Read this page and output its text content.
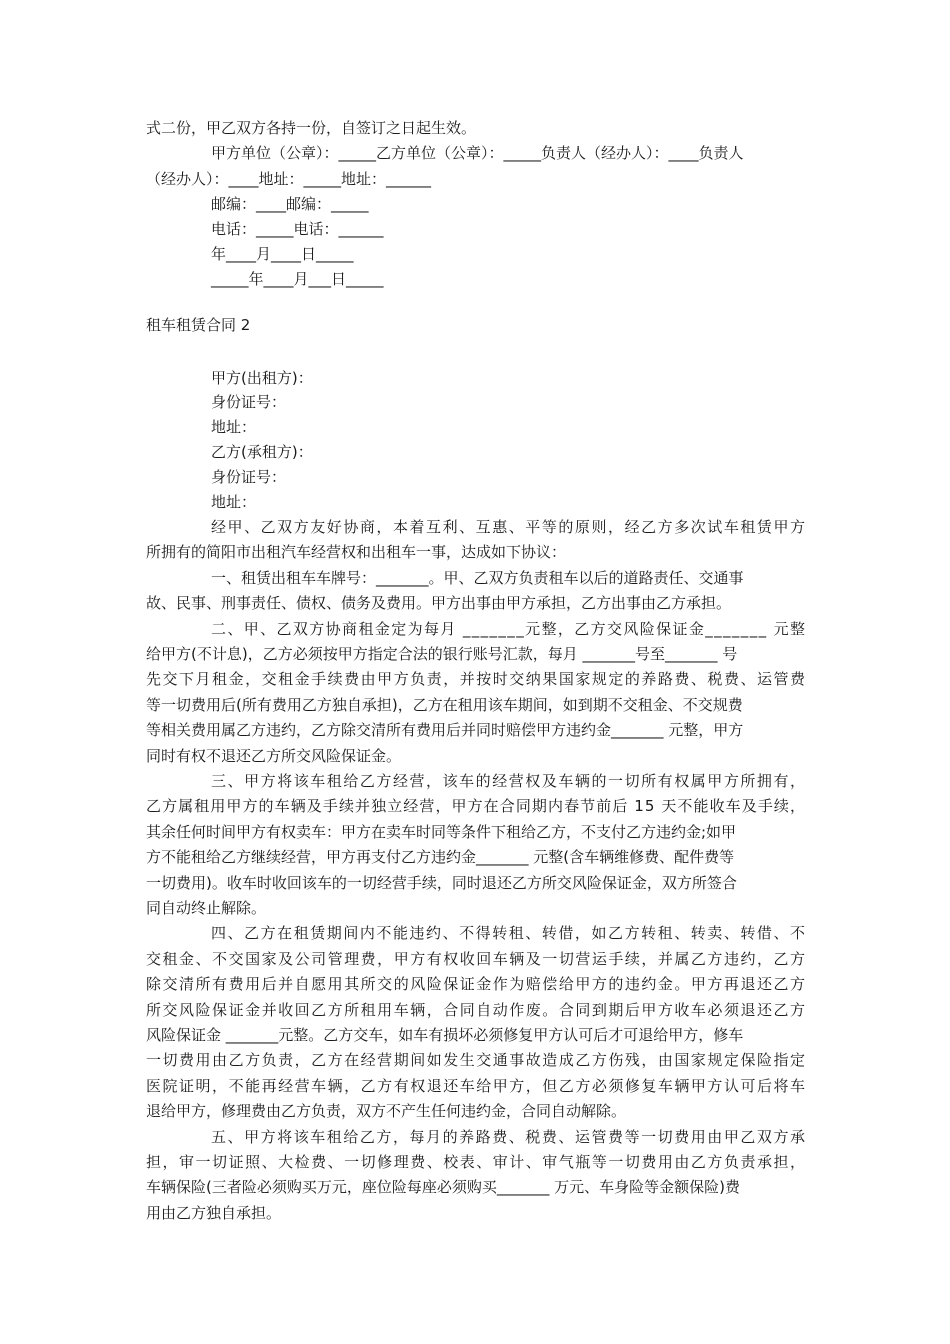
式二份，甲乙双方各持一份，自签订之日起生效。
甲方单位（公章）：_____乙方单位（公章）：_____负责人（经办人）：____负责人
（经办人）：____地址：_____地址：______
邮编：____邮编：_____
电话：_____电话：______
年____月____日_____
_____年____月___日_____
租车租赁合同 2
甲方(出租方)：
身份证号：
地址：
乙方(承租方)：
身份证号：
地址：
经甲、乙双方友好协商，本着互利、互惠、平等的原则，经乙方多次试车租赁甲方
所拥有的简阳市出租汽车经营权和出租车一事，达成如下协议：
一、租赁出租车车牌号：_______。甲、乙双方负责租车以后的道路责任、交通事
故、民事、刑事责任、债权、债务及费用。甲方出事由甲方承担，乙方出事由乙方承担。
二、甲、乙双方协商租金定为每月 _______元整，乙方交风险保证金_______ 元整
给甲方(不计息)，乙方必须按甲方指定合法的银行账号汇款，每月 _______号至_______ 号
先交下月租金，交租金手续费由甲方负责，并按时交纳果国家规定的养路费、税费、运管费
等一切费用后(所有费用乙方独自承担)，乙方在租用该车期间，如到期不交租金、不交规费
等相关费用属乙方违约，乙方除交清所有费用后并同时赔偿甲方违约金_______ 元整，甲方
同时有权不退还乙方所交风险保证金。
三、甲方将该车租给乙方经营，该车的经营权及车辆的一切所有权属甲方所拥有，
乙方属租用甲方的车辆及手续并独立经营，甲方在合同期内春节前后 15 天不能收车及手续，
其余任何时间甲方有权卖车：甲方在卖车时同等条件下租给乙方，不支付乙方违约金;如甲
方不能租给乙方继续经营，甲方再支付乙方违约金_______ 元整(含车辆维修费、配件费等
一切费用)。收车时收回该车的一切经营手续，同时退还乙方所交风险保证金，双方所签合
同自动终止解除。
四、乙方在租赁期间内不能违约、不得转租、转借，如乙方转租、转卖、转借、不
交租金、不交国家及公司管理费，甲方有权收回车辆及一切营运手续，并属乙方违约，乙方
除交清所有费用后并自愿用其所交的风险保证金作为赔偿给甲方的违约金。甲方再退还乙方
所交风险保证金并收回乙方所租用车辆，合同自动作废。合同到期后甲方收车必须退还乙方
风险保证金 _______元整。乙方交车，如车有损坏必须修复甲方认可后才可退给甲方，修车
一切费用由乙方负责，乙方在经营期间如发生交通事故造成乙方伤残，由国家规定保险指定
医院证明，不能再经营车辆，乙方有权退还车给甲方，但乙方必须修复车辆甲方认可后将车
退给甲方，修理费由乙方负责，双方不产生任何违约金，合同自动解除。
五、甲方将该车租给乙方，每月的养路费、税费、运管费等一切费用由甲乙双方承
担，审一切证照、大检费、一切修理费、校表、审计、审气瓶等一切费用由乙方负责承担，
车辆保险(三者险必须购买万元，座位险每座必须购买_______ 万元、车身险等金额保险)费
用由乙方独自承担。
